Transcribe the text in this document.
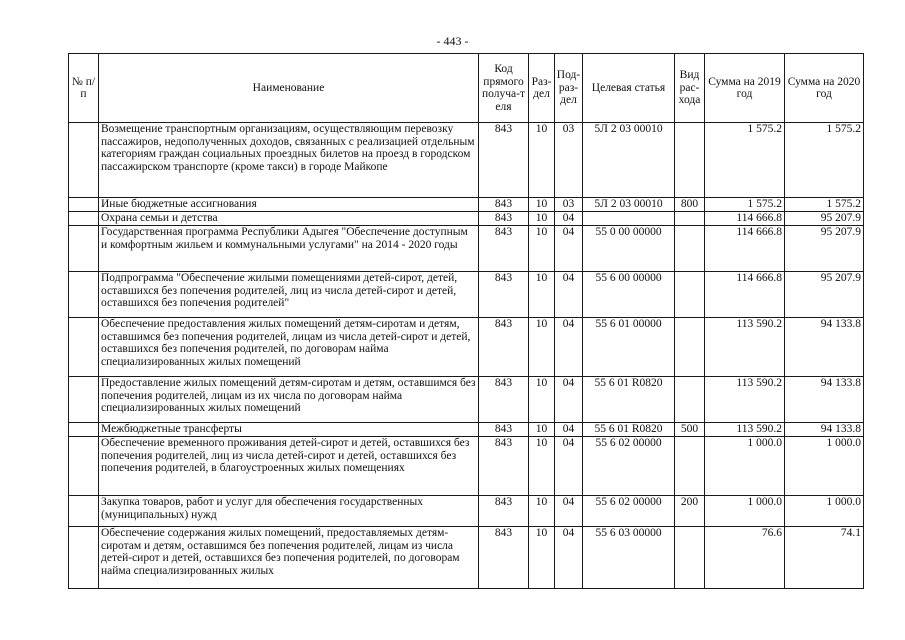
- 443 -
№ п/п	Наименование	Код прямого получа-т еля	Раз-дел	Под-раз-дел	Целевая статья	Вид рас-хода	Сумма на 2019 год	Сумма на 2020 год
	Возмещение транспортным организациям, осуществляющим перевозку пассажиров, недополученных доходов, связанных с реализацией отдельным категориям граждан социальных проездных билетов на проезд в городском пассажирском транспорте (кроме такси) в городе Майкопе	843	10	03	5Л 2 03 00010		1 575.2	1 575.2
	Иные бюджетные ассигнования	843	10	03	5Л 2 03 00010	800	1 575.2	1 575.2
	Охрана семьи и детства	843	10	04			114 666.8	95 207.9
	Государственная программа Республики Адыгея "Обеспечение доступным и комфортным жильем и коммунальными услугами" на 2014 - 2020 годы	843	10	04	55 0 00 00000		114 666.8	95 207.9
	Подпрограмма "Обеспечение жилыми помещениями детей-сирот, детей, оставшихся без попечения родителей, лиц из числа детей-сирот и детей, оставшихся без попечения родителей"	843	10	04	55 6 00 00000		114 666.8	95 207.9
	Обеспечение предоставления жилых помещений детям-сиротам и детям, оставшимся без попечения родителей, лицам из числа детей-сирот и детей, оставшихся без попечения родителей, по договорам найма специализированных жилых помещений	843	10	04	55 6 01 00000		113 590.2	94 133.8
	Предоставление жилых помещений детям-сиротам и детям, оставшимся без попечения родителей, лицам из их числа по договорам найма специализированных жилых помещений	843	10	04	55 6 01 R0820		113 590.2	94 133.8
	Межбюджетные трансферты	843	10	04	55 6 01 R0820	500	113 590.2	94 133.8
	Обеспечение временного проживания детей-сирот и детей, оставшихся без попечения родителей, лиц из числа детей-сирот и детей, оставшихся без попечения родителей, в благоустроенных жилых помещениях	843	10	04	55 6 02 00000		1 000.0	1 000.0
	Закупка товаров, работ и услуг для обеспечения государственных (муниципальных) нужд	843	10	04	55 6 02 00000	200	1 000.0	1 000.0

	Обеспечение содержания жилых помещений, предоставляемых детям-сиротам и детям, оставшимся без попечения родителей, лицам из числа детей-сирот и детей, оставшихся без попечения родителей, по договорам найма специализированных жилых	843	10	04	55 6 03 00000		76.6	74.1
